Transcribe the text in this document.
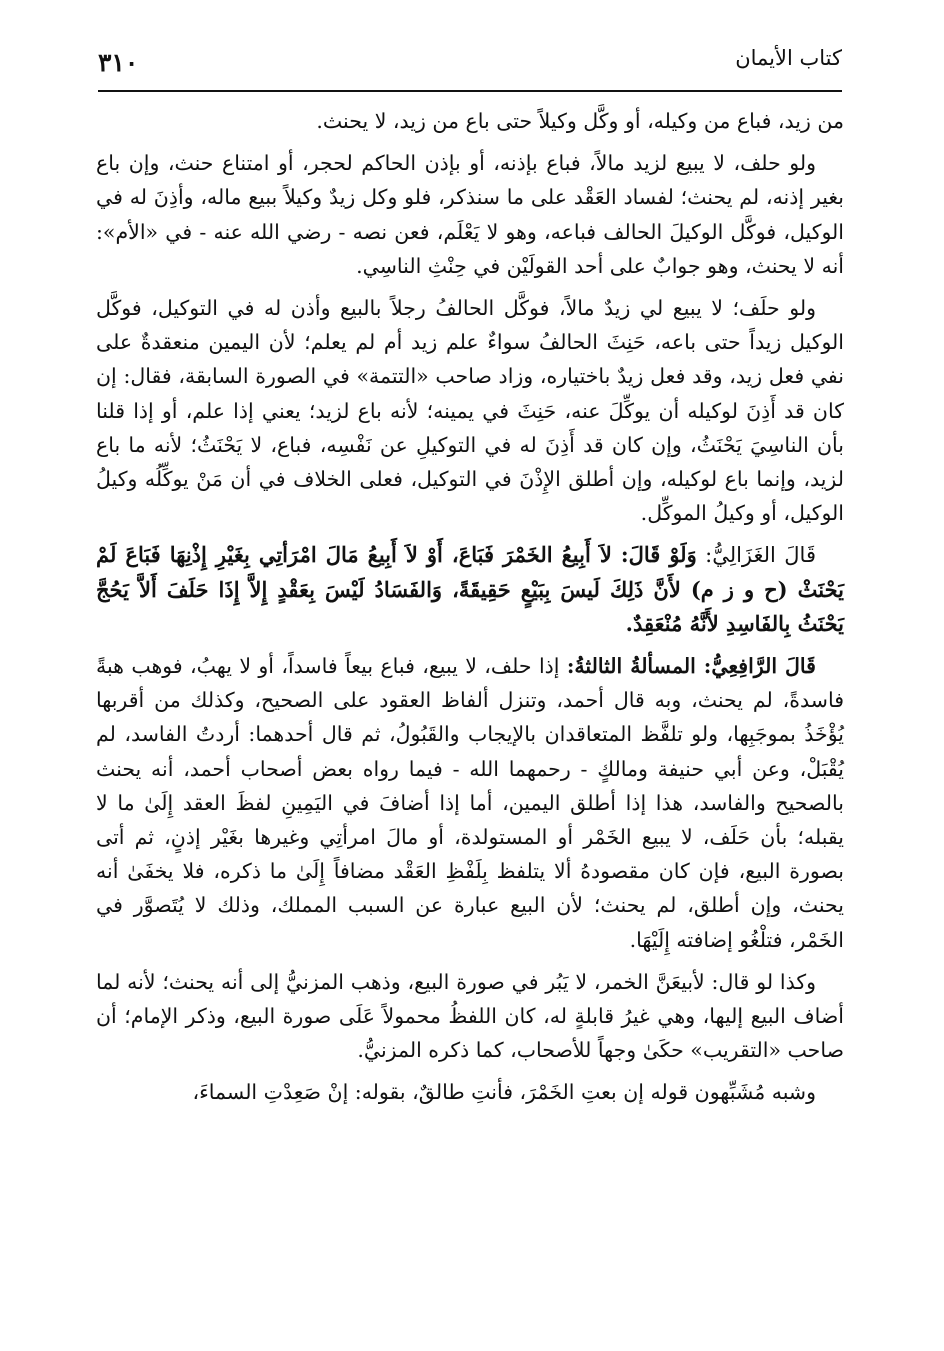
٣١٠	كتاب الأيمان

من زيد، فباع من وكيله، أو وكَّل وكيلاً حتى باع من زيد، لا يحنث.

ولو حلف، لا يبيع لزيد مالاً، فباع بإذنه، أو بإذن الحاكم لحجر، أو امتناع حنث، وإن باع بغير إذنه، لم يحنث؛ لفساد العَقْد على ما سنذكر، فلو وكل زيدٌ وكيلاً ببيع ماله، وأذِنَ له في الوكيل، فوكَّل الوكيلَ الحالف فباعه، وهو لا يَعْلَم، فعن نصه - رضي الله عنه - في «الأم»: أنه لا يحنث، وهو جوابٌ على أحد القولَيْن في حِنْثِ الناسِي.

ولو حلَف؛ لا يبيع لي زيدٌ مالاً، فوكَّل الحالفُ رجلاً بالبيع وأذن له في التوكيل، فوكَّل الوكيل زيداً حتى باعه، حَنِثَ الحالفُ سواءٌ علم زيد أم لم يعلم؛ لأن اليمين منعقدةٌ على نفي فعل زيد، وقد فعل زيدٌ باختياره، وزاد صاحب «التتمة» في الصورة السابقة، فقال: إن كان قد أَذِنَ لوكيله أن يوكِّلَ عنه، حَنِثَ في يمينه؛ لأنه باع لزيد؛ يعني إذا علم، أو إذا قلنا بأن الناسِيَ يَحْنَثُ، وإن كان قد أَذِنَ له في التوكيلِ عن نَفْسِه، فباع، لا يَحْنَثُ؛ لأنه ما باع لزيد، وإنما باع لوكيله، وإن أطلق الإِذْنَ في التوكيل، فعلى الخلاف في أن مَنْ يوكِّلُه وكيلُ الوكيل، أو وكيلُ الموكِّل.

قَالَ الغَزَالِيُّ: وَلَوْ قَالَ: لاَ أَبِيعُ الخَمْرَ فَبَاعَ، أَوْ لاَ أَبِيعُ مَالَ امْرَأتِي بِغَيْرِ إِذْنِهَا فَبَاعَ لَمْ يَحْنَثْ (ح و ز م) لأَنَّ ذَلِكَ لَيسَ بِبَيْعٍ حَقِيقَةً، وَالفَسَادُ لَيْسَ بِعَقْدٍ إِلاَّ إِذَا حَلَفَ أَلاَّ يَحُجَّ يَحْنَثُ بِالفَاسِدِ لأَنَّهُ مُنْعَقِدٌ.

قَالَ الرَّافِعِيُّ: المسألةُ الثالثةُ: إذا حلف، لا يبيع، فباع بيعاً فاسداً، أو لا يهبُ، فوهب هبةً فاسدةً، لم يحنث، وبه قال أحمد، وتنزل ألفاظ العقود على الصحيح، وكذلك من أقربها يُؤْخَذُ بموجَبِها، ولو تلفَّظ المتعاقدان بالإيجاب والقَبُولُ، ثم قال أحدهما: أردتُ الفاسد، لم يُقْبَلْ، وعن أبي حنيفة ومالكٍ - رحمهما الله - فيما رواه بعض أصحاب أحمد، أنه يحنث بالصحيح والفاسد، هذا إذا أطلق اليمين، أما إذا أضافَ في اليَمِينِ لفظَ العقد إِلَىٰ ما لا يقبله؛ بأن حَلَف، لا يبيع الخَمْر أو المستولدة، أو مالَ امرأتِي وغيرها بغَيْر إذنٍ، ثم أتى بصورة البيع، فإن كان مقصودهُ ألا يتلفظ بِلَفْظِ العَقْد مضافاً إِلَىٰ ما ذكره، فلا يخفَىٰ أنه يحنث، وإن أطلق، لم يحنث؛ لأن البيع عبارة عن السبب المملك، وذلك لا يُتَصوَّر في الخَمْر، فتلْغُو إضافته إِلَيْهَا.

وكذا لو قال: لأبيعَنَّ الخمر، لا يَبُر في صورة البيع، وذهب المزنيُّ إلى أنه يحنث؛ لأنه لما أضاف البيع إليها، وهي غيرُ قابلةٍ له، كان اللفظُ محمولاً عَلَى صورة البيع، وذكر الإمام؛ أن صاحب «التقريب» حكَىٰ وجهاً للأصحاب، كما ذكره المزنيُّ.

وشبه مُشَبِّهون قوله إن بعتِ الخَمْرَ، فأنتِ طالقٌ، بقوله: إنْ صَعِدْتِ السماءَ،
